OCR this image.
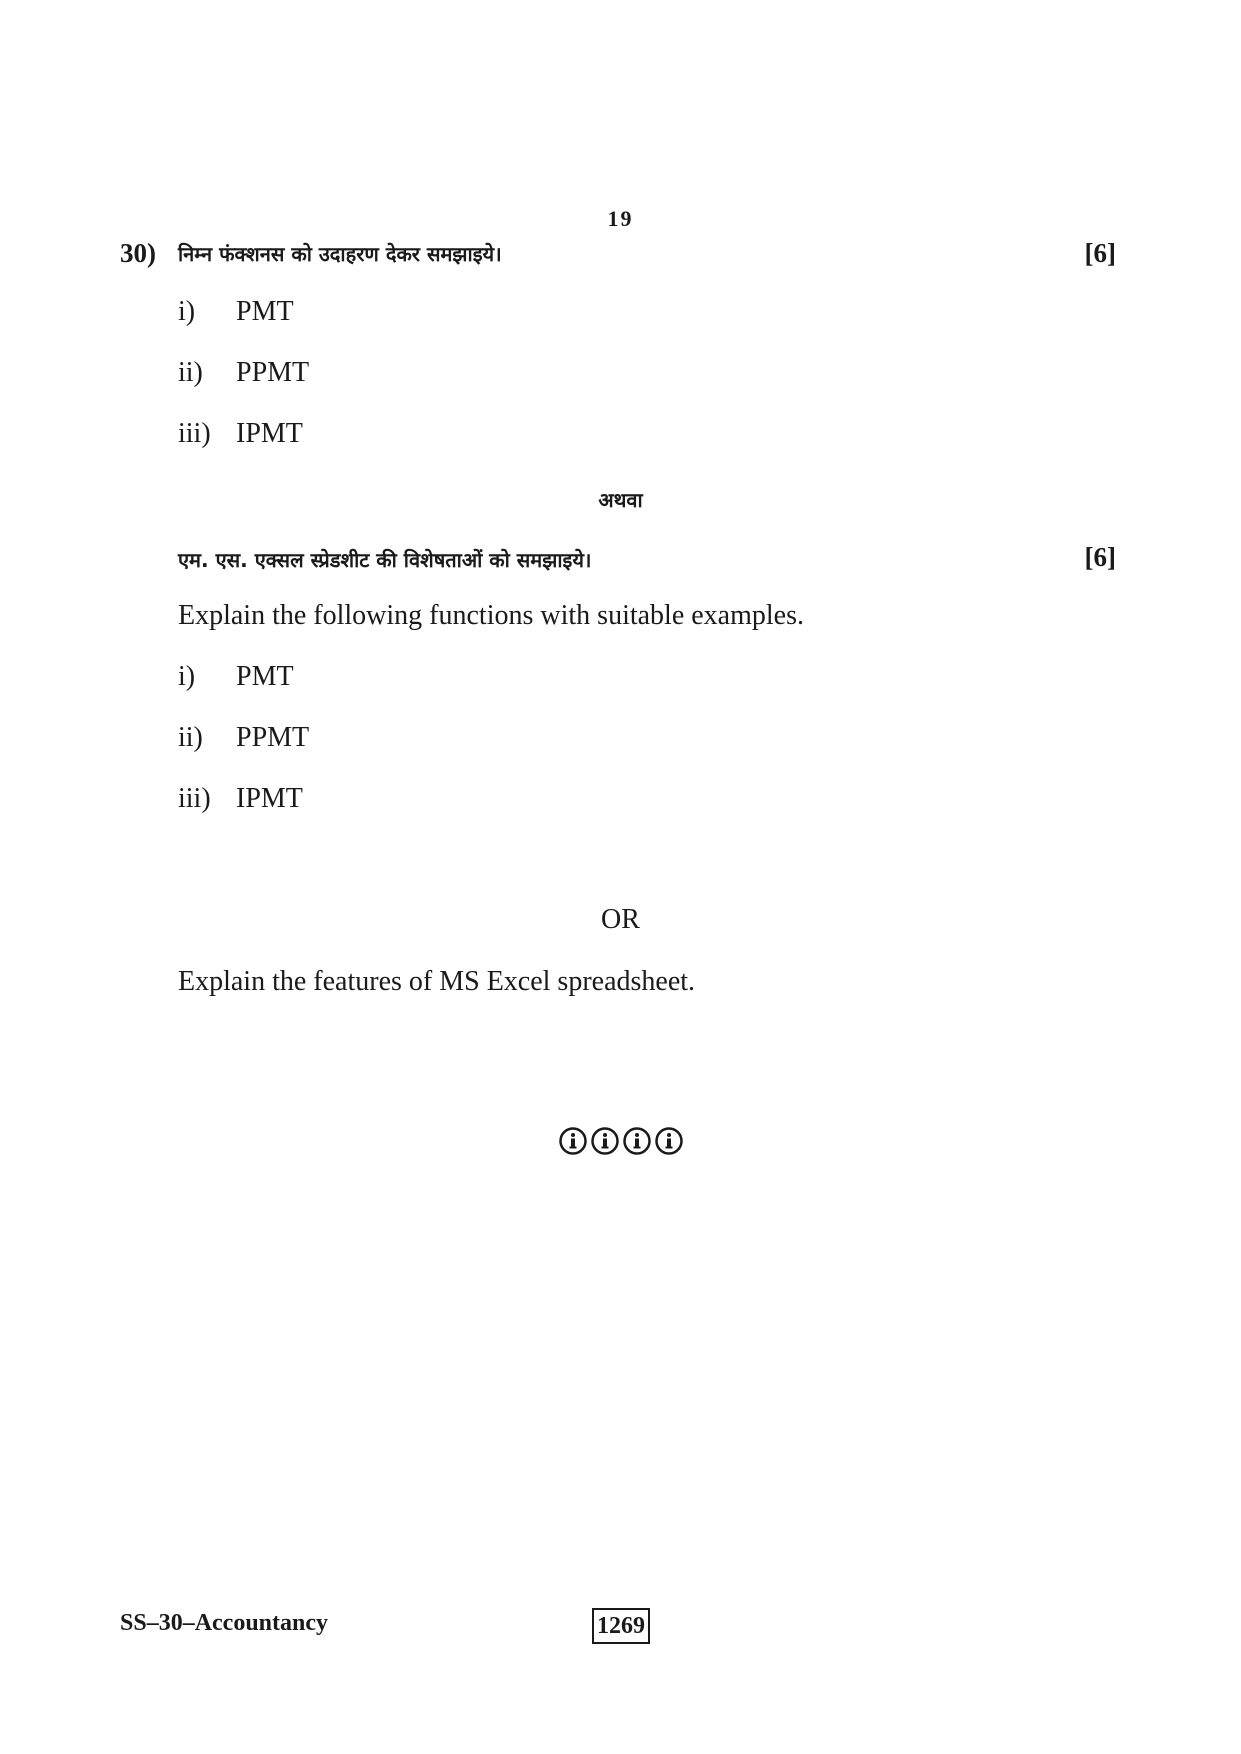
19
30) निम्न फंक्शनस को उदाहरण देकर समझाइये।	[6]
i) PMT
ii) PPMT
iii) IPMT
अथवा
एम. एस. एक्सल स्प्रेडशीट की विशेषताओं को समझाइये।	[6]
Explain the following functions with suitable examples.
i) PMT
ii) PPMT
iii) IPMT
OR
Explain the features of MS Excel spreadsheet.
SS–30–Accountancy	1269
